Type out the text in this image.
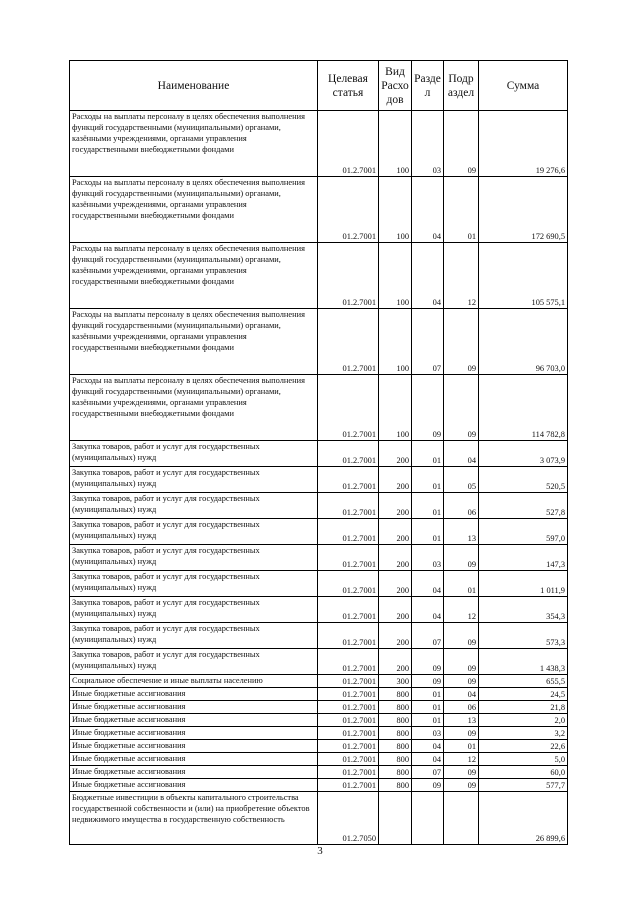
Наименование	Целевая статья	Вид Расхо дов	Разде л	Подр аздел	Сумма
Расходы на выплаты персоналу в целях обеспечения выполнения функций государственными (муниципальными) органами, казёнными учреждениями, органами управления государственными внебюджетными фондами	01.2.7001	100	03	09	19 276,6
Расходы на выплаты персоналу в целях обеспечения выполнения функций государственными (муниципальными) органами, казёнными учреждениями, органами управления государственными внебюджетными фондами	01.2.7001	100	04	01	172 690,5
Расходы на выплаты персоналу в целях обеспечения выполнения функций государственными (муниципальными) органами, казёнными учреждениями, органами управления государственными внебюджетными фондами	01.2.7001	100	04	12	105 575,1
Расходы на выплаты персоналу в целях обеспечения выполнения функций государственными (муниципальными) органами, казёнными учреждениями, органами управления государственными внебюджетными фондами	01.2.7001	100	07	09	96 703,0
Расходы на выплаты персоналу в целях обеспечения выполнения функций государственными (муниципальными) органами, казёнными учреждениями, органами управления государственными внебюджетными фондами	01.2.7001	100	09	09	114 782,8
Закупка товаров, работ и услуг для государственных (муниципальных) нужд	01.2.7001	200	01	04	3 073,9
Закупка товаров, работ и услуг для государственных (муниципальных) нужд	01.2.7001	200	01	05	520,5
Закупка товаров, работ и услуг для государственных (муниципальных) нужд	01.2.7001	200	01	06	527,8
Закупка товаров, работ и услуг для государственных (муниципальных) нужд	01.2.7001	200	01	13	597,0
Закупка товаров, работ и услуг для государственных (муниципальных) нужд	01.2.7001	200	03	09	147,3
Закупка товаров, работ и услуг для государственных (муниципальных) нужд	01.2.7001	200	04	01	1 011,9
Закупка товаров, работ и услуг для государственных (муниципальных) нужд	01.2.7001	200	04	12	354,3
Закупка товаров, работ и услуг для государственных (муниципальных) нужд	01.2.7001	200	07	09	573,3
Закупка товаров, работ и услуг для государственных (муниципальных) нужд	01.2.7001	200	09	09	1 438,3
Социальное обеспечение и иные выплаты населению	01.2.7001	300	09	09	655,5
Иные бюджетные ассигнования	01.2.7001	800	01	04	24,5
Иные бюджетные ассигнования	01.2.7001	800	01	06	21,8
Иные бюджетные ассигнования	01.2.7001	800	01	13	2,0
Иные бюджетные ассигнования	01.2.7001	800	03	09	3,2
Иные бюджетные ассигнования	01.2.7001	800	04	01	22,6
Иные бюджетные ассигнования	01.2.7001	800	04	12	5,0
Иные бюджетные ассигнования	01.2.7001	800	07	09	60,0
Иные бюджетные ассигнования	01.2.7001	800	09	09	577,7
Бюджетные инвестиции в объекты капитального строительства государственной собственности и (или) на приобретение объектов недвижимого имущества в государственную собственность	01.2.7050				26 899,6
3
